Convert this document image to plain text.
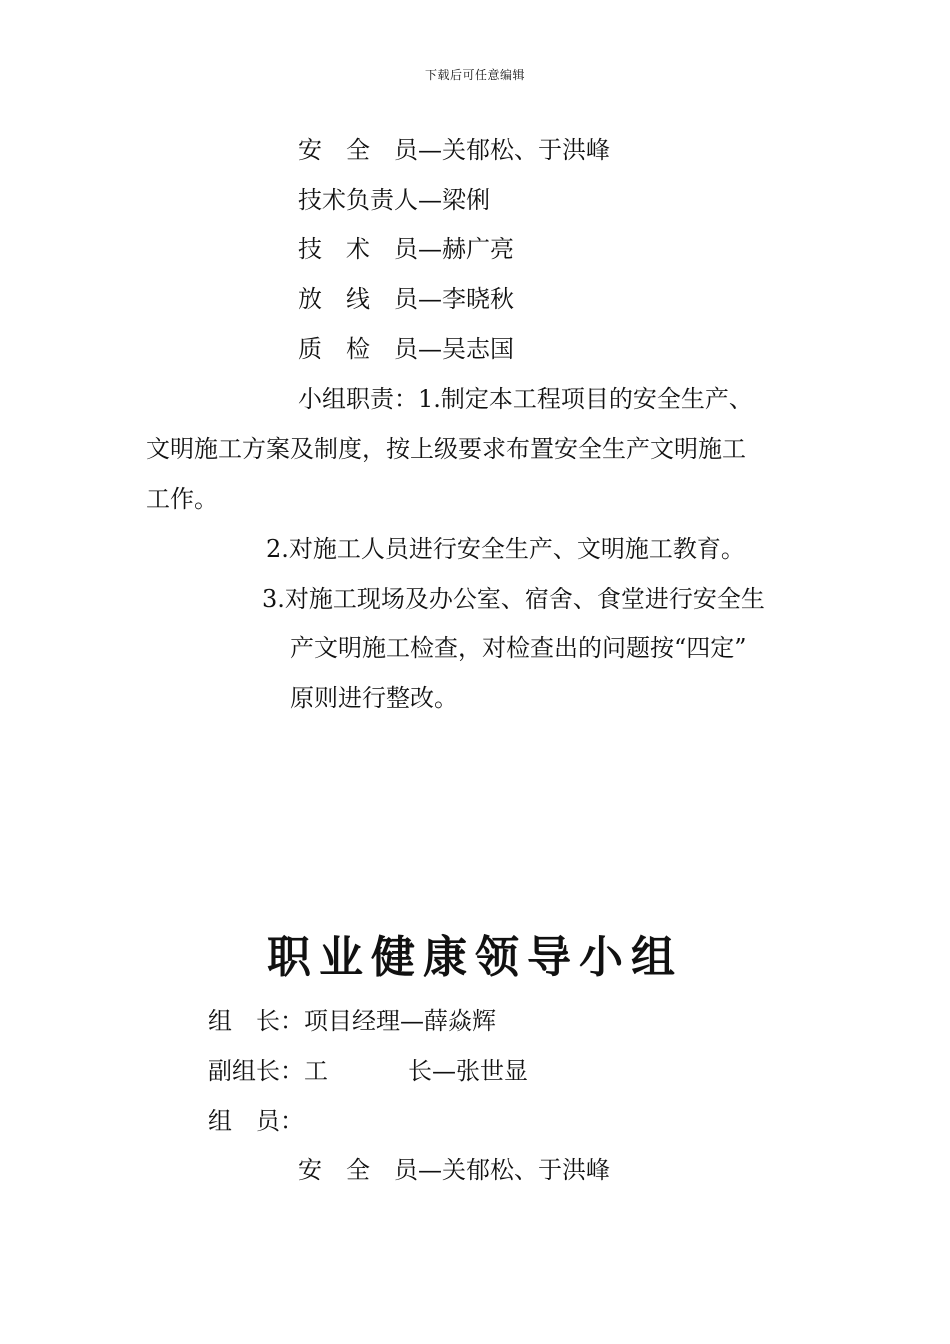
下载后可任意编辑
安　全　员—关郁松、于洪峰
技术负责人—梁俐
技　术　员—赫广亮
放　线　员—李晓秋
质　检　员—吴志国
小组职责：1.制定本工程项目的安全生产、
文明施工方案及制度，按上级要求布置安全生产文明施工
工作。
2.对施工人员进行安全生产、文明施工教育。
3.对施工现场及办公室、宿舍、食堂进行安全生
产文明施工检查，对检查出的问题按“四定”
原则进行整改。
职业健康领导小组
组　长：项目经理—薛焱辉
副组长：工	长—张世显
组　员：
安　全　员—关郁松、于洪峰
